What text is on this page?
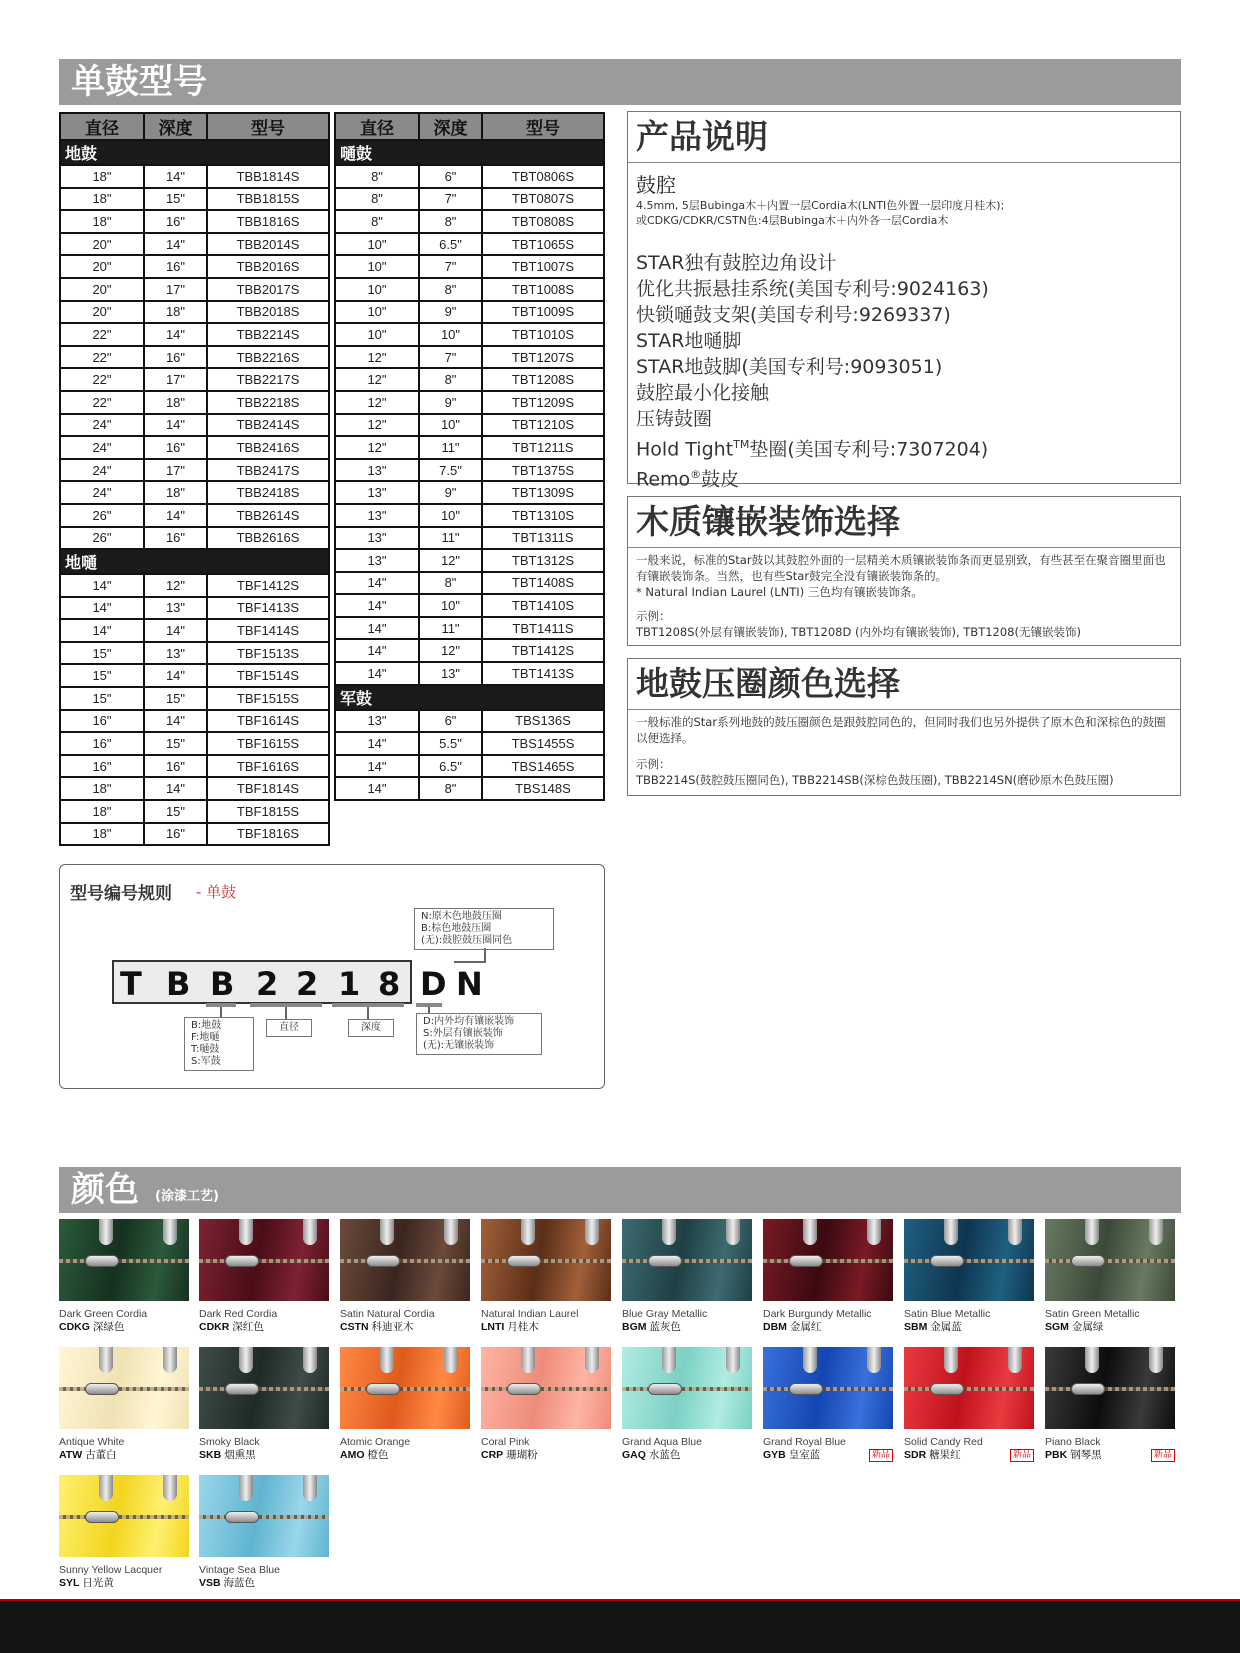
单鼓型号
直径	深度	型号
地鼓		
18"	14"	TBB1814S
18"	15"	TBB1815S
18"	16"	TBB1816S
20"	14"	TBB2014S
20"	16"	TBB2016S
20"	17"	TBB2017S
20"	18"	TBB2018S
22"	14"	TBB2214S
22"	16"	TBB2216S
22"	17"	TBB2217S
22"	18"	TBB2218S
24"	14"	TBB2414S
24"	16"	TBB2416S
24"	17"	TBB2417S
24"	18"	TBB2418S
26"	14"	TBB2614S
26"	16"	TBB2616S
地嗵		
14"	12"	TBF1412S
14"	13"	TBF1413S
14"	14"	TBF1414S
15"	13"	TBF1513S
15"	14"	TBF1514S
15"	15"	TBF1515S
16"	14"	TBF1614S
16"	15"	TBF1615S
16"	16"	TBF1616S
18"	14"	TBF1814S
18"	15"	TBF1815S
18"	16"	TBF1816S
直径	深度	型号
嗵鼓		
8"	6"	TBT0806S
8"	7"	TBT0807S
8"	8"	TBT0808S
10"	6.5"	TBT1065S
10"	7"	TBT1007S
10"	8"	TBT1008S
10"	9"	TBT1009S
10"	10"	TBT1010S
12"	7"	TBT1207S
12"	8"	TBT1208S
12"	9"	TBT1209S
12"	10"	TBT1210S
12"	11"	TBT1211S
13"	7.5"	TBT1375S
13"	9"	TBT1309S
13"	10"	TBT1310S
13"	11"	TBT1311S
13"	12"	TBT1312S
14"	8"	TBT1408S
14"	10"	TBT1410S
14"	11"	TBT1411S
14"	12"	TBT1412S
14"	13"	TBT1413S
军鼓		
13"	6"	TBS136S
14"	5.5"	TBS1455S
14"	6.5"	TBS1465S
14"	8"	TBS148S
产品说明
鼓腔
4.5mm, 5层Bubinga木＋内置一层Cordia木(LNTI色外置一层印度月桂木);
或CDKG/CDKR/CSTN色:4层Bubinga木＋内外各一层Cordia木
STAR独有鼓腔边角设计
优化共振悬挂系统(美国专利号:9024163)
快锁嗵鼓支架(美国专利号:9269337)
STAR地嗵脚
STAR地鼓脚(美国专利号:9093051)
鼓腔最小化接触
压铸鼓圈
Hold Tight™垫圈(美国专利号:7307204)
Remo®鼓皮
木质镶嵌装饰选择
一般来说，标准的Star鼓以其鼓腔外面的一层精美木质镶嵌装饰条而更显别致，有些甚至在聚音圈里面也有镶嵌装饰条。当然，也有些Star鼓完全没有镶嵌装饰条的。
* Natural Indian Laurel (LNTI) 三色均有镶嵌装饰条。
示例：
TBT1208S(外层有镶嵌装饰), TBT1208D (内外均有镶嵌装饰), TBT1208(无镶嵌装饰)
地鼓压圈颜色选择
一般标准的Star系列地鼓的鼓压圈颜色是跟鼓腔同色的，但同时我们也另外提供了原木色和深棕色的鼓圈以便选择。
示例：
TBB2214S(鼓腔鼓压圈同色), TBB2214SB(深棕色鼓压圈), TBB2214SN(磨砂原木色鼓压圈)
型号编号规则 - 单鼓
N:原木色地鼓压圈
B:棕色地鼓压圈
(无):鼓腔鼓压圈同色
T B B 2 2 1 8 D N
B:地鼓
F:地嗵
T:嗵鼓
S:军鼓
直径	深度
D:内外均有镶嵌装饰
S:外层有镶嵌装饰
(无):无镶嵌装饰
颜色 (涂漆工艺)
Dark Green Cordia
CDKG 深绿色
Dark Red Cordia
CDKR 深红色
Satin Natural Cordia
CSTN 科迪亚木
Natural Indian Laurel
LNTI 月桂木
Blue Gray Metallic
BGM 蓝灰色
Dark Burgundy Metallic
DBM 金属红
Satin Blue Metallic
SBM 金属蓝
Satin Green Metallic
SGM 金属绿
Antique White
ATW 古董白
Smoky Black
SKB 烟熏黑
Atomic Orange
AMO 橙色
Coral Pink
CRP 珊瑚粉
Grand Aqua Blue
GAQ 水蓝色
Grand Royal Blue
GYB 皇室蓝	新品
Solid Candy Red
SDR 糖果红	新品
Piano Black
PBK 钢琴黑	新品
Sunny Yellow Lacquer
SYL 日光黄
Vintage Sea Blue
VSB 海蓝色
